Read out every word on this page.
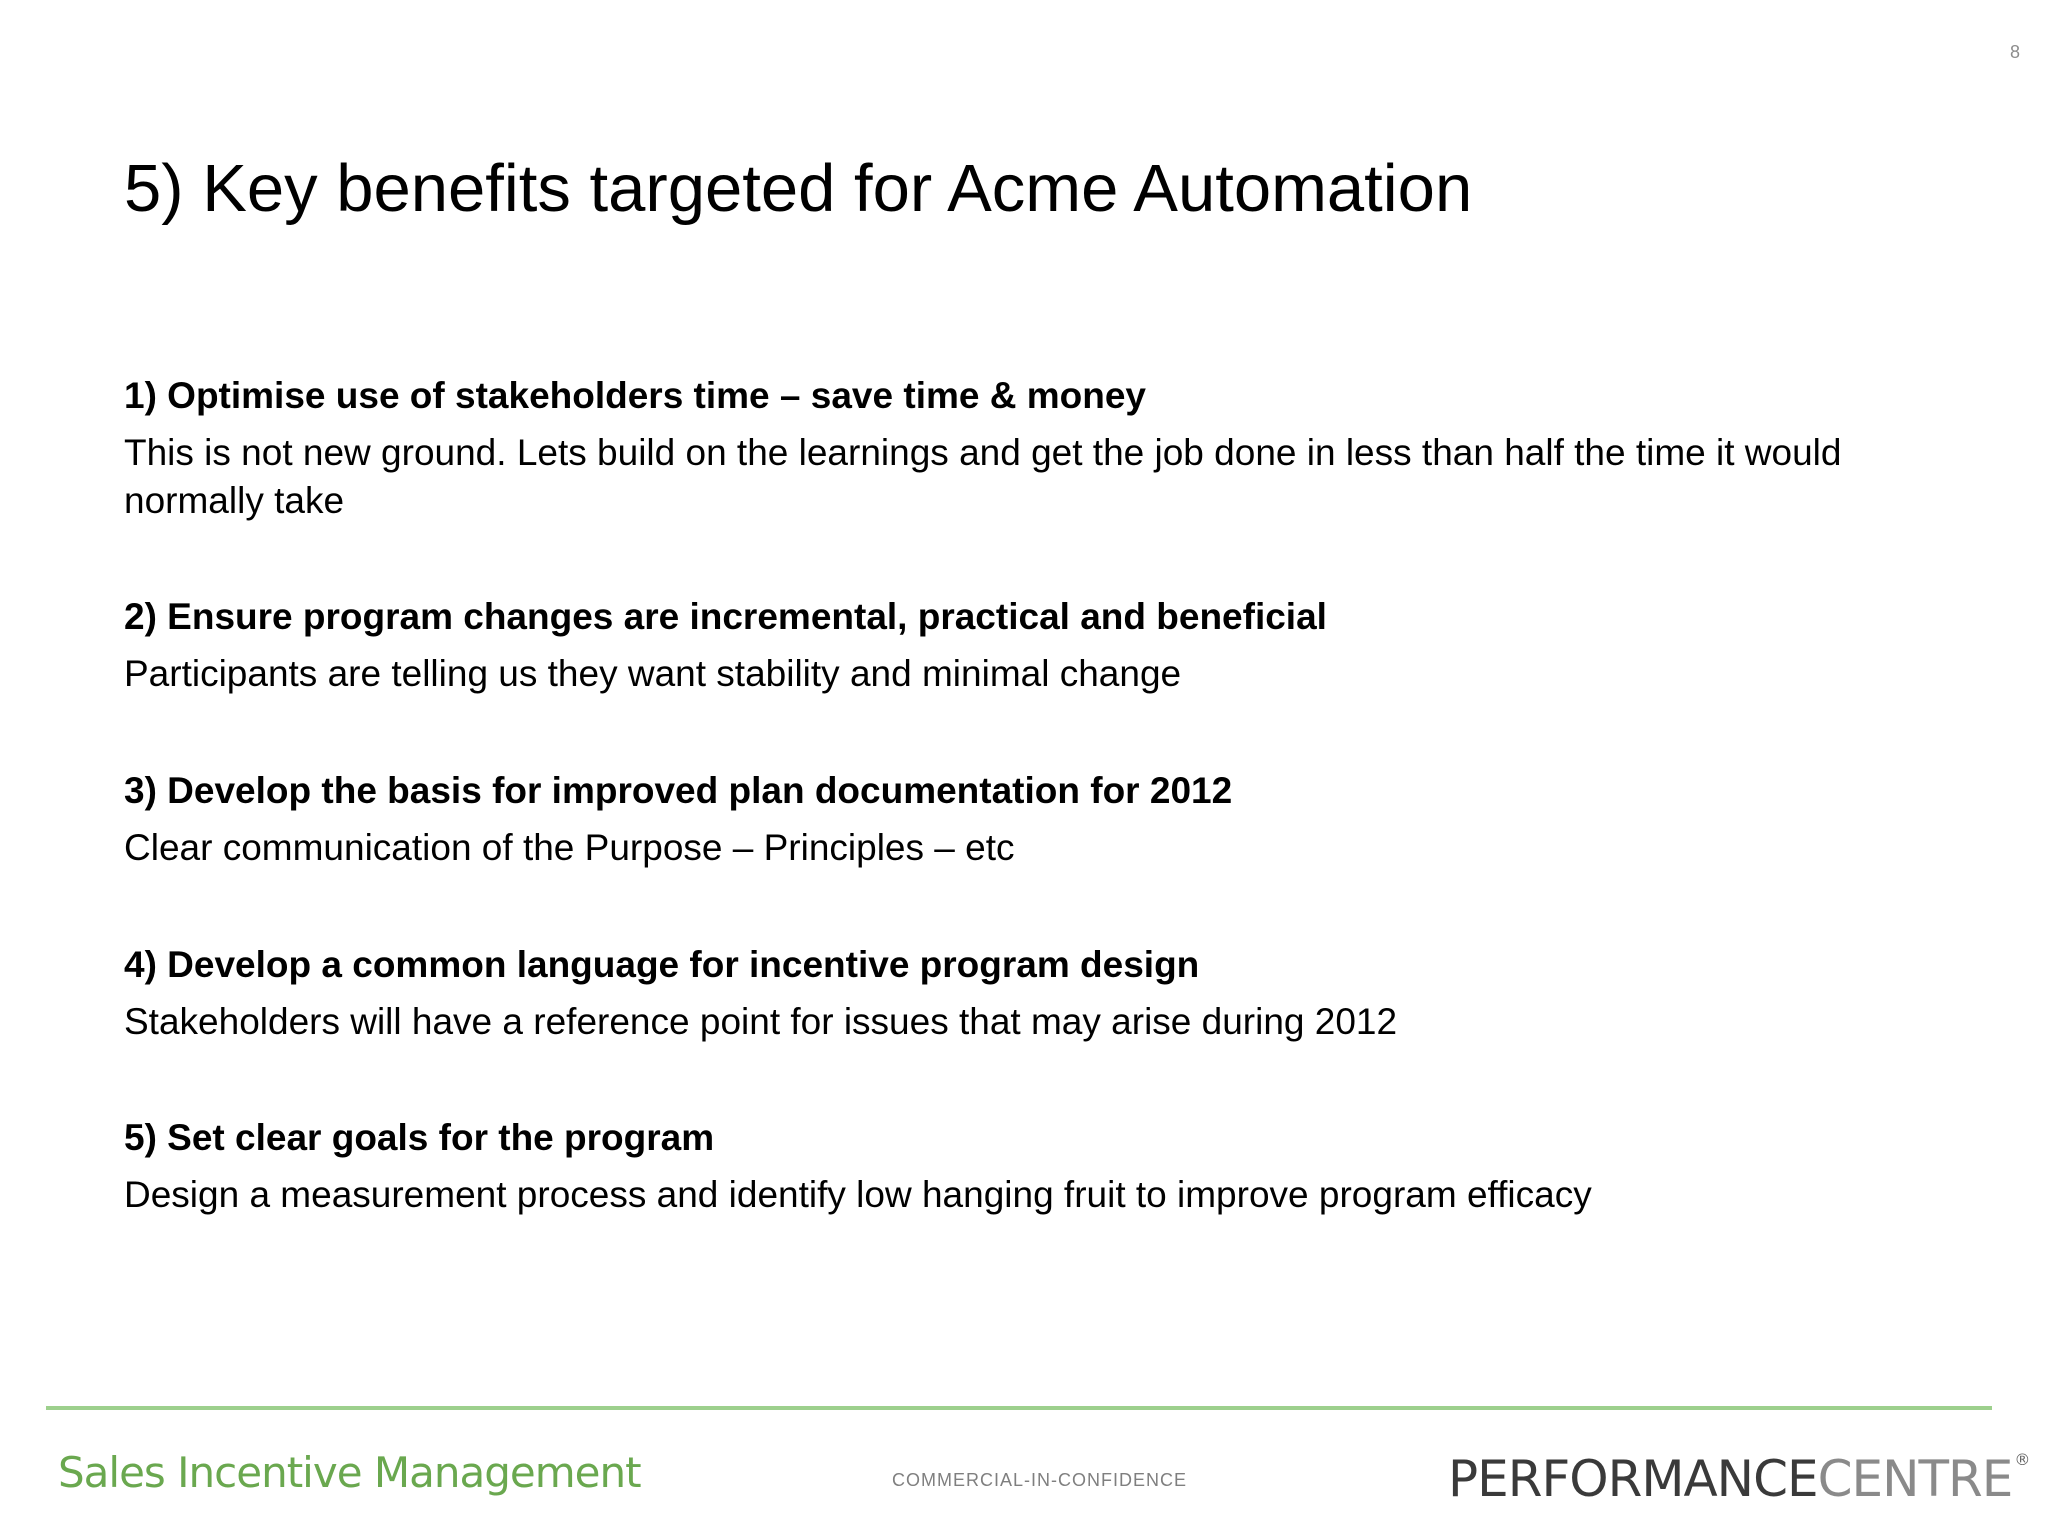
8
5) Key benefits targeted for Acme Automation
1) Optimise use of stakeholders time – save time & money
This is not new ground. Lets build on the learnings and get the job done in less than half the time it would normally take
2) Ensure program changes are incremental, practical and beneficial
Participants are telling us they want stability and minimal change
3) Develop the basis for improved plan documentation for 2012
Clear communication of the Purpose – Principles – etc
4) Develop a common language for incentive program design
Stakeholders will have a reference point for issues that may arise during 2012
5) Set clear goals for the program
Design a measurement process and identify low hanging fruit to improve program efficacy
Sales Incentive Management	COMMERCIAL-IN-CONFIDENCE	PERFORMANCECENTRE ®
